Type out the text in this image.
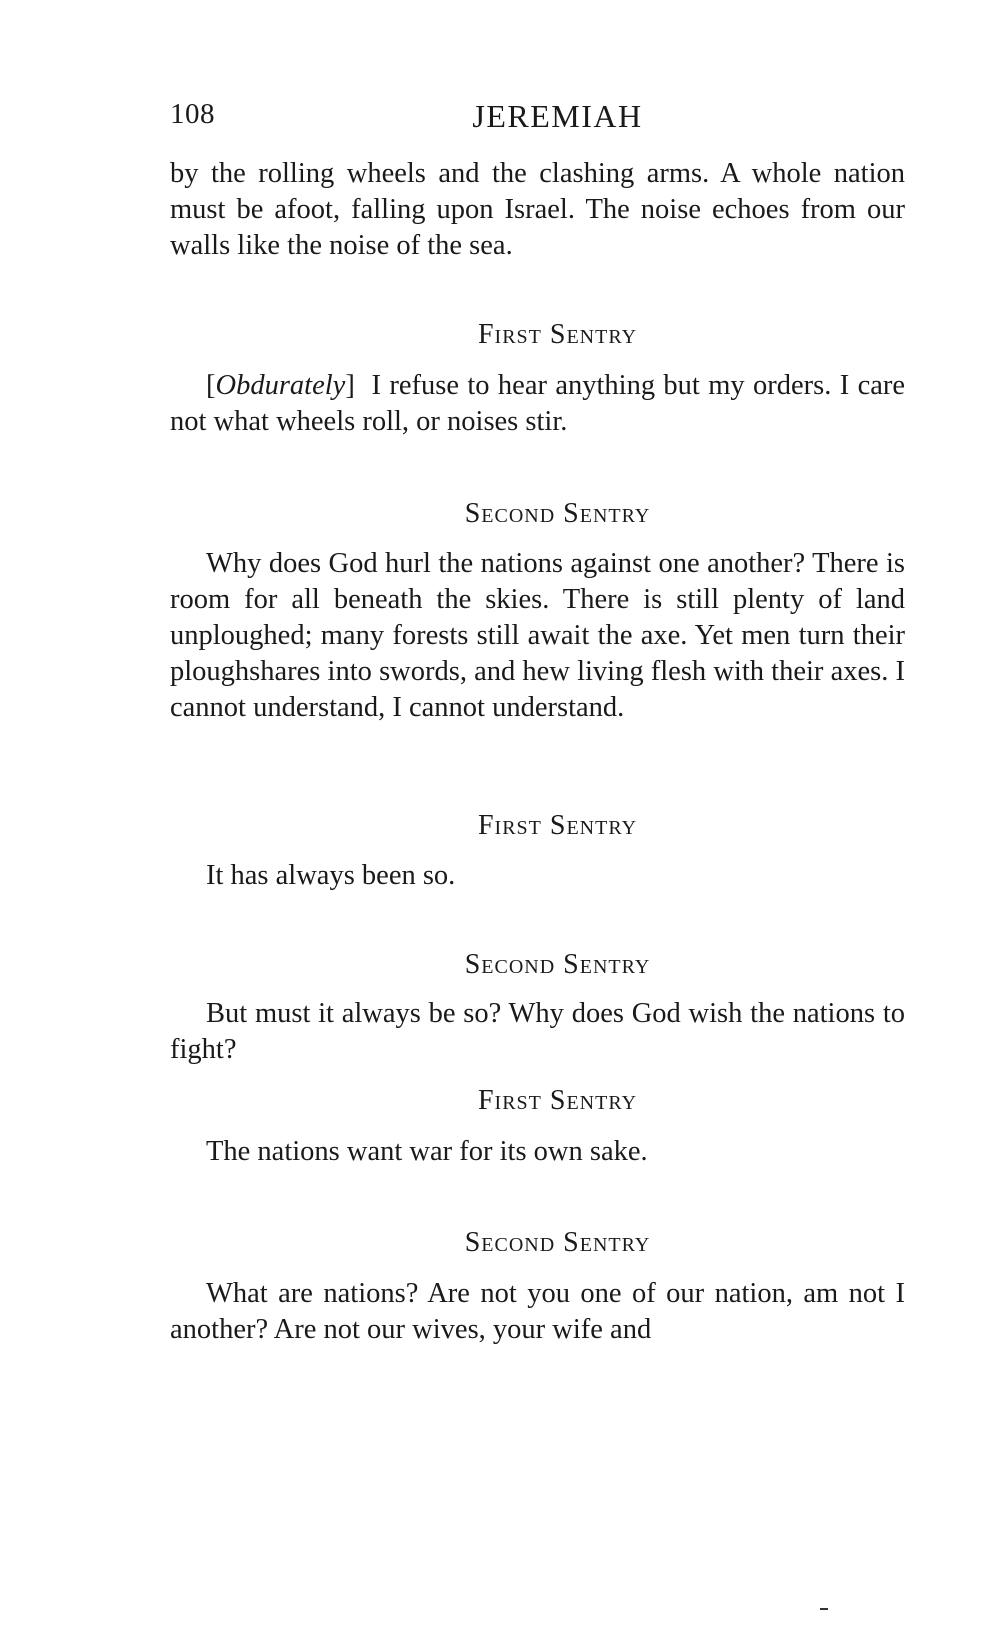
108	JEREMIAH

by the rolling wheels and the clashing arms. A whole nation must be afoot, falling upon Israel. The noise echoes from our walls like the noise of the sea.

First Sentry

[Obdurately]  I refuse to hear anything but my orders. I care not what wheels roll, or noises stir.

Second Sentry

Why does God hurl the nations against one another? There is room for all beneath the skies. There is still plenty of land unploughed; many forests still await the axe. Yet men turn their ploughshares into swords, and hew living flesh with their axes. I cannot understand, I cannot understand.

First Sentry

It has always been so.

Second Sentry

But must it always be so? Why does God wish the nations to fight?

First Sentry

The nations want war for its own sake.

Second Sentry

What are nations? Are not you one of our nation, am not I another? Are not our wives, your wife and
